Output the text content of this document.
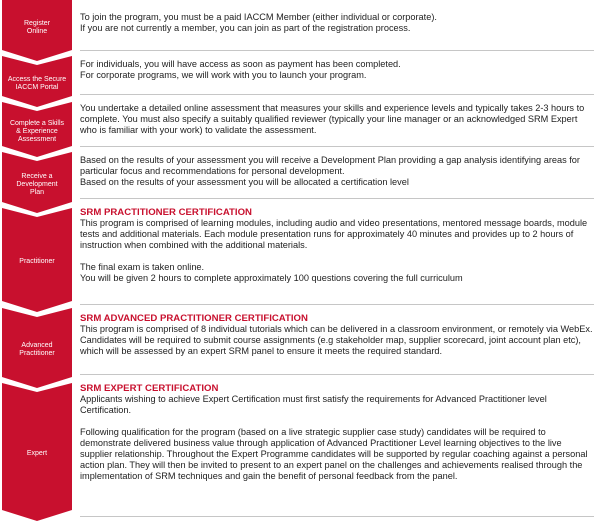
Register
Online

To join the program, you must be a paid IACCM Member (either individual or corporate).

If you are not currently a member, you can join as part of the registration process.

Access the Secure
IACCM Portal

For individuals, you will have access as soon as payment has been completed.

For corporate programs, we will work with you to launch your program.

Complete a Skills
& Experience
Assessment

You undertake a detailed online assessment that measures your skills and experience levels and typically takes 2-3 hours to complete. You must also specify a suitably qualified reviewer (typically your line manager or an acknowledged SRM Expert who is familiar with your work) to validate the assessment.

Receive a
Development
Plan

Based on the results of your assessment you will receive a Development Plan providing a gap analysis identifying areas for particular focus and recommendations for personal development.

Based on the results of your assessment you will be allocated a certification level

Practitioner
SRM PRACTITIONER CERTIFICATION

This program is comprised of learning modules, including audio and video presentations, mentored message boards, module tests and additional materials. Each module presentation runs for approximately 40 minutes and provides up to 2 hours of instruction when combined with the additional materials.

The final exam is taken online.

You will be given 2 hours to complete approximately 100 questions covering the full curriculum

Advanced
Practitioner
SRM ADVANCED PRACTITIONER CERTIFICATION

This program is comprised of 8 individual tutorials which can be delivered in a classroom environment, or remotely via WebEx. Candidates will be required to submit course assignments (e.g stakeholder map, supplier scorecard, joint account plan etc), which will be assessed by an expert SRM panel to ensure it meets the required standard.

Expert
SRM EXPERT CERTIFICATION

Applicants wishing to achieve Expert Certification must first satisfy the requirements for Advanced Practitioner level Certification.

Following qualification for the program (based on a live strategic supplier case study) candidates will be required to demonstrate delivered business value through application of Advanced Practitioner Level learning objectives to the live supplier relationship. Throughout the Expert Programme candidates will be supported by regular coaching against a personal action plan. They will then be invited to present to an expert panel on the challenges and achievements realised through the implementation of SRM techniques and gain the benefit of personal feedback from the panel.
